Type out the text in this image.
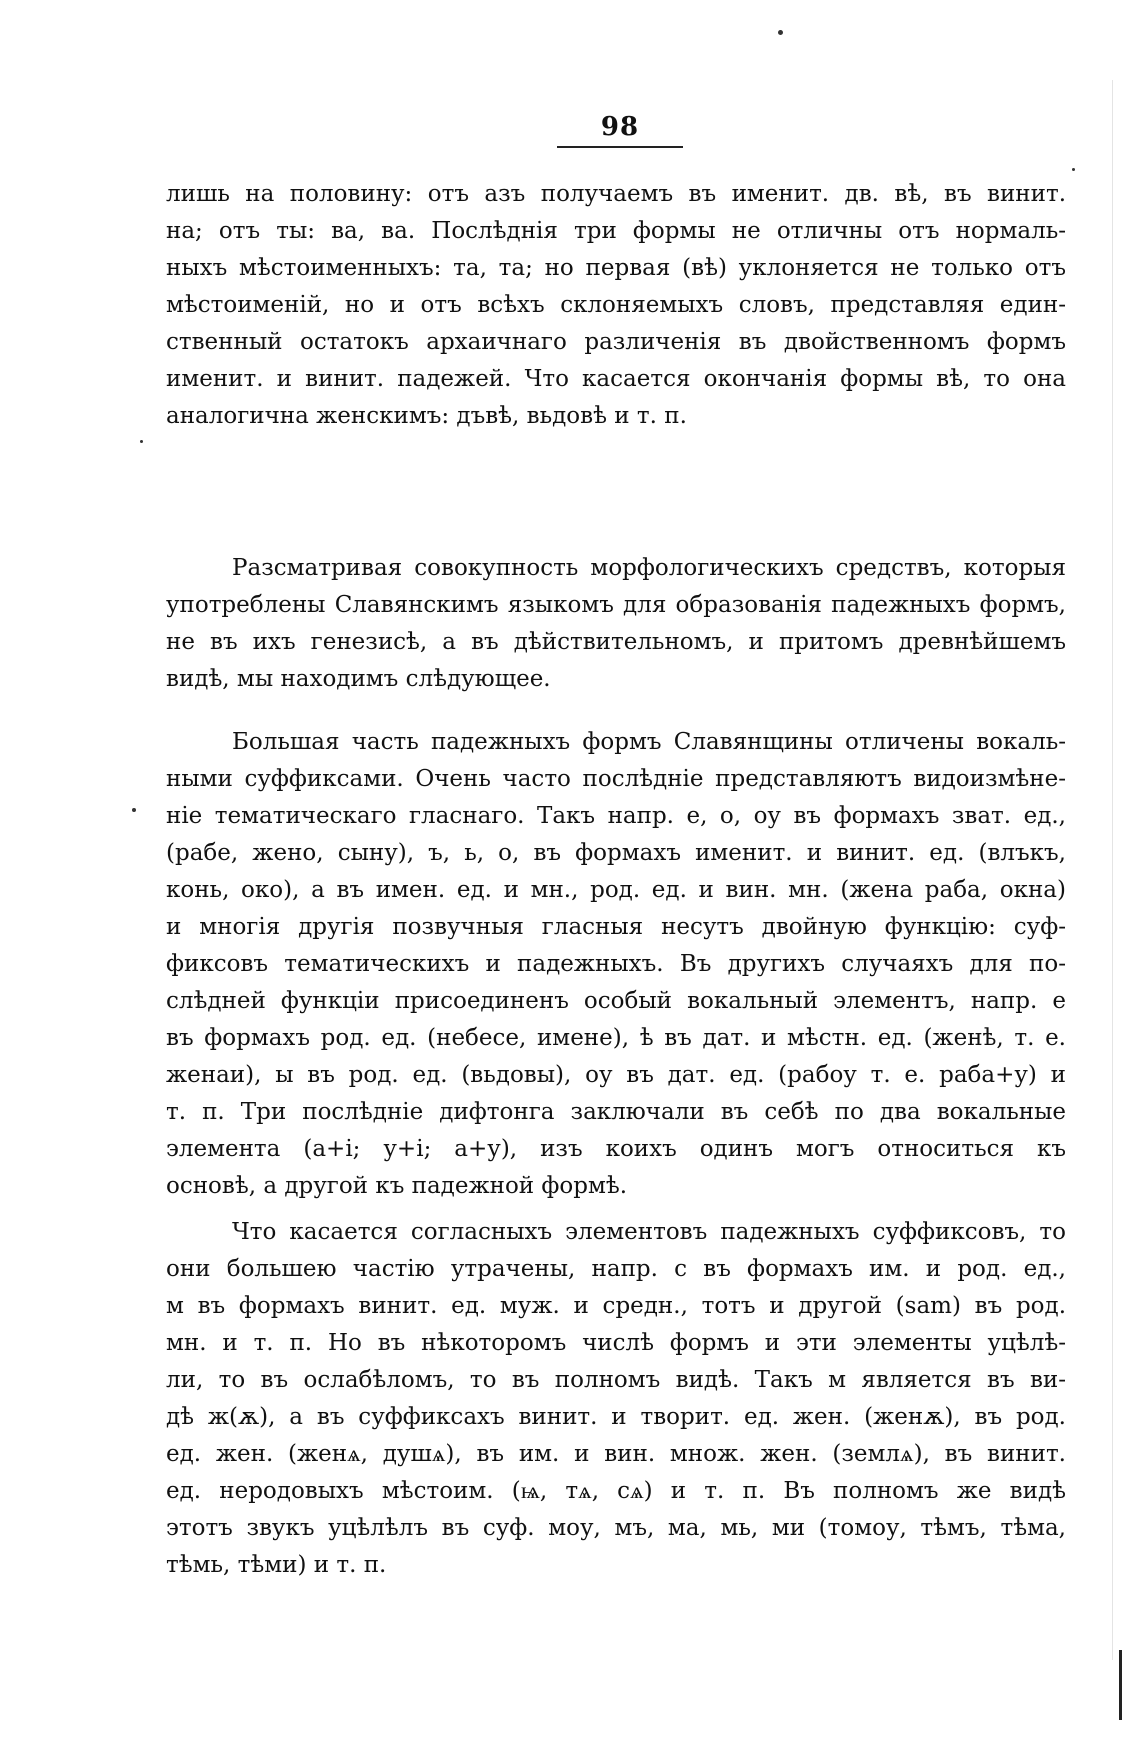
98
лишь на половину: отъ азъ получаемъ въ именит. дв. вѣ, въ винит.
на; отъ ты: ва, ва. Послѣднія три формы не отличны отъ нормаль-
ныхъ мѣстоименныхъ: та, та; но первая (вѣ) уклоняется не только отъ
мѣстоименій, но и отъ всѣхъ склоняемыхъ словъ, представляя един-
ственный остатокъ архаичнаго различенія въ двойственномъ формъ
именит. и винит. падежей. Что касается окончанія формы вѣ, то она
аналогична женскимъ: дъвѣ, вьдовѣ и т. п.
Разсматривая совокупность морфологическихъ средствъ, которыя
употреблены Славянскимъ языкомъ для образованія падежныхъ формъ,
не въ ихъ генезисѣ, а въ дѣйствительномъ, и притомъ древнѣйшемъ
видѣ, мы находимъ слѣдующее.
Большая часть падежныхъ формъ Славянщины отличены вокаль-
ными суффиксами. Очень часто послѣдніе представляютъ видоизмѣне-
ніе тематическаго гласнаго. Такъ напр. е, о, оу въ формахъ зват. ед.,
(рабе, жено, сыну), ъ, ь, о, въ формахъ именит. и винит. ед. (влъкъ,
конь, око), а въ имен. ед. и мн., род. ед. и вин. мн. (жена раба, окна)
и многія другія позвучныя гласныя несутъ двойную функцію: суф-
фиксовъ тематическихъ и падежныхъ. Въ другихъ случаяхъ для по-
слѣдней функціи присоединенъ особый вокальный элементъ, напр. е
въ формахъ род. ед. (небесе, имене), ѣ въ дат. и мѣстн. ед. (женѣ, т. е.
женаи), ы въ род. ед. (вьдовы), оу въ дат. ед. (рабоу т. е. раба+у) и
т. п. Три послѣдніе дифтонга заключали въ себѣ по два вокальные
элемента (а+і; у+і; а+у), изъ коихъ одинъ могъ относиться къ
основѣ, а другой къ падежной формѣ.
Что касается согласныхъ элементовъ падежныхъ суффиксовъ, то
они большею частію утрачены, напр. с въ формахъ им. и род. ед.,
м въ формахъ винит. ед. муж. и средн., тотъ и другой (sam) въ род.
мн. и т. п. Но въ нѣкоторомъ числѣ формъ и эти элементы уцѣлѣ-
ли, то въ ослабѣломъ, то въ полномъ видѣ. Такъ м является въ ви-
дѣ ж(ѫ), а въ суффиксахъ винит. и творит. ед. жен. (женѫ), въ род.
ед. жен. (женѧ, душѧ), въ им. и вин. множ. жен. (землѧ), въ винит.
ед. неродовыхъ мѣстоим. (ѩ, тѧ, сѧ) и т. п. Въ полномъ же видѣ
этотъ звукъ уцѣлѣлъ въ суф. моу, мъ, ма, мь, ми (томоу, тѣмъ, тѣма,
тѣмь, тѣми) и т. п.
